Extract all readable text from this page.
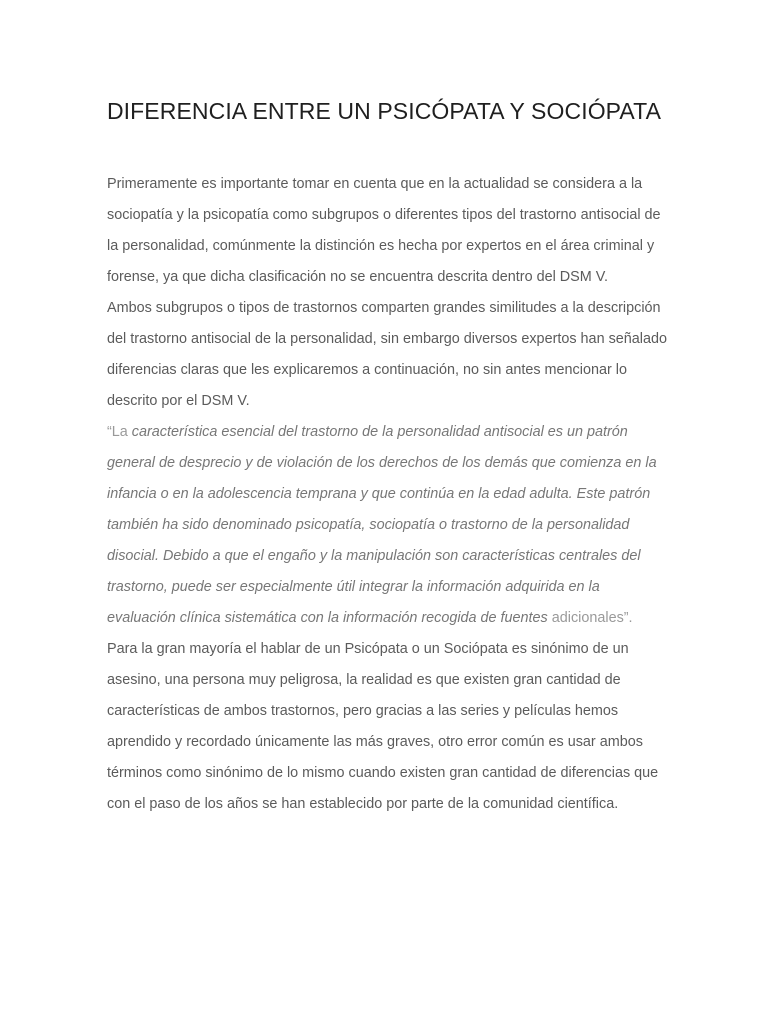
DIFERENCIA ENTRE UN PSICÓPATA Y SOCIÓPATA

Primeramente es importante tomar en cuenta que en la actualidad se considera a la sociopatía y la psicopatía como subgrupos o diferentes tipos del trastorno antisocial de la personalidad, comúnmente la distinción es hecha por expertos en el área criminal y forense, ya que dicha clasificación no se encuentra descrita dentro del DSM V.

Ambos subgrupos o tipos de trastornos comparten grandes similitudes a la descripción del trastorno antisocial de la personalidad, sin embargo diversos expertos han señalado diferencias claras que les explicaremos a continuación, no sin antes mencionar lo descrito por el DSM V.

“La característica esencial del trastorno de la personalidad antisocial es un patrón general de desprecio y de violación de los derechos de los demás que comienza en la infancia o en la adolescencia temprana y que continúa en la edad adulta. Este patrón también ha sido denominado psicopatía, sociopatía o trastorno de la personalidad disocial. Debido a que el engaño y la manipulación son características centrales del trastorno, puede ser especialmente útil integrar la información adquirida en la evaluación clínica sistemática con la información recogida de fuentes adicionales”.

Para la gran mayoría el hablar de un Psicópata o un Sociópata es sinónimo de un asesino, una persona muy peligrosa, la realidad es que existen gran cantidad de características de ambos trastornos, pero gracias a las series y películas hemos aprendido y recordado únicamente las más graves, otro error común es usar ambos términos como sinónimo de lo mismo cuando existen gran cantidad de diferencias que con el paso de los años se han establecido por parte de la comunidad científica.
